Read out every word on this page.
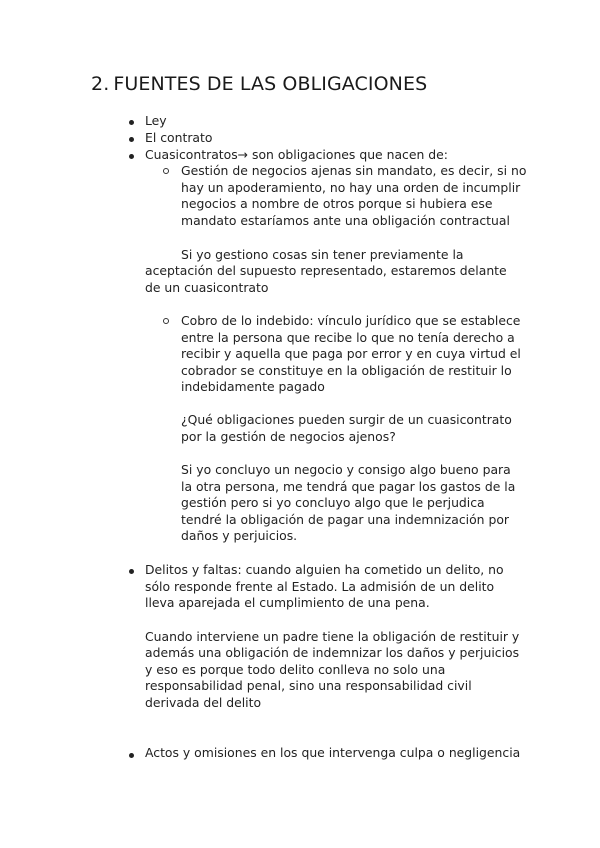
2. FUENTES DE LAS OBLIGACIONES

Ley

El contrato

Cuasicontratos→ son obligaciones que nacen de:

Gestión de negocios ajenas sin mandato, es decir, si no

hay un apoderamiento, no hay una orden de incumplir

negocios a nombre de otros porque si hubiera ese

mandato estaríamos ante una obligación contractual

Si yo gestiono cosas sin tener previamente la

aceptación del supuesto representado, estaremos delante

de un cuasicontrato

Cobro de lo indebido: vínculo jurídico que se establece

entre la persona que recibe lo que no tenía derecho a

recibir y aquella que paga por error y en cuya virtud el

cobrador se constituye en la obligación de restituir lo

indebidamente pagado

¿Qué obligaciones pueden surgir de un cuasicontrato

por la gestión de negocios ajenos?

Si yo concluyo un negocio y consigo algo bueno para

la otra persona, me tendrá que pagar los gastos de la

gestión pero si yo concluyo algo que le perjudica

tendré la obligación de pagar una indemnización por

daños y perjuicios.

Delitos y faltas: cuando alguien ha cometido un delito, no

sólo responde frente al Estado. La admisión de un delito

lleva aparejada el cumplimiento de una pena.

Cuando interviene un padre tiene la obligación de restituir y

además una obligación de indemnizar los daños y perjuicios

y eso es porque todo delito conlleva no solo una

responsabilidad penal, sino una responsabilidad civil

derivada del delito

Actos y omisiones en los que intervenga culpa o negligencia
